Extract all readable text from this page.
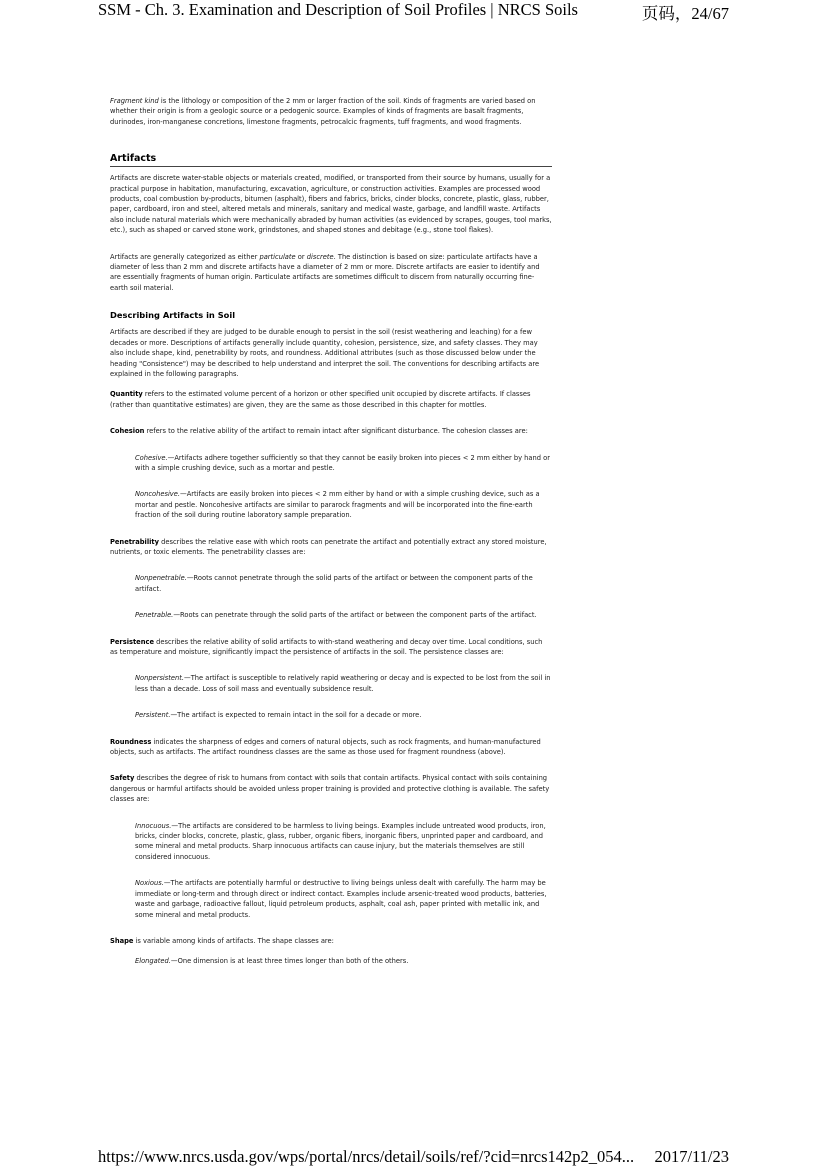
SSM - Ch. 3. Examination and Description of Soil Profiles | NRCS Soils	页码，24/67

Fragment kind is the lithology or composition of the 2 mm or larger fraction of the soil. Kinds of fragments are varied based on whether their origin is from a geologic source or a pedogenic source. Examples of kinds of fragments are basalt fragments, durinodes, iron-manganese concretions, limestone fragments, petrocalcic fragments, tuff fragments, and wood fragments.

Artifacts

Artifacts are discrete water-stable objects or materials created, modified, or transported from their source by humans, usually for a practical purpose in habitation, manufacturing, excavation, agriculture, or construction activities. Examples are processed wood products, coal combustion by-products, bitumen (asphalt), fibers and fabrics, bricks, cinder blocks, concrete, plastic, glass, rubber, paper, cardboard, iron and steel, altered metals and minerals, sanitary and medical waste, garbage, and landfill waste. Artifacts also include natural materials which were mechanically abraded by human activities (as evidenced by scrapes, gouges, tool marks, etc.), such as shaped or carved stone work, grindstones, and shaped stones and debitage (e.g., stone tool flakes).

Artifacts are generally categorized as either particulate or discrete. The distinction is based on size: particulate artifacts have a diameter of less than 2 mm and discrete artifacts have a diameter of 2 mm or more. Discrete artifacts are easier to identify and are essentially fragments of human origin. Particulate artifacts are sometimes difficult to discern from naturally occurring fine-earth soil material.

Describing Artifacts in Soil

Artifacts are described if they are judged to be durable enough to persist in the soil (resist weathering and leaching) for a few decades or more. Descriptions of artifacts generally include quantity, cohesion, persistence, size, and safety classes. They may also include shape, kind, penetrability by roots, and roundness. Additional attributes (such as those discussed below under the heading "Consistence") may be described to help understand and interpret the soil. The conventions for describing artifacts are explained in the following paragraphs.

Quantity refers to the estimated volume percent of a horizon or other specified unit occupied by discrete artifacts. If classes (rather than quantitative estimates) are given, they are the same as those described in this chapter for mottles.

Cohesion refers to the relative ability of the artifact to remain intact after significant disturbance. The cohesion classes are:

Cohesive.—Artifacts adhere together sufficiently so that they cannot be easily broken into pieces < 2 mm either by hand or with a simple crushing device, such as a mortar and pestle.

Noncohesive.—Artifacts are easily broken into pieces < 2 mm either by hand or with a simple crushing device, such as a mortar and pestle. Noncohesive artifacts are similar to pararock fragments and will be incorporated into the fine-earth fraction of the soil during routine laboratory sample preparation.

Penetrability describes the relative ease with which roots can penetrate the artifact and potentially extract any stored moisture, nutrients, or toxic elements. The penetrability classes are:

Nonpenetrable.—Roots cannot penetrate through the solid parts of the artifact or between the component parts of the artifact.

Penetrable.—Roots can penetrate through the solid parts of the artifact or between the component parts of the artifact.

Persistence describes the relative ability of solid artifacts to with-stand weathering and decay over time. Local conditions, such as temperature and moisture, significantly impact the persistence of artifacts in the soil. The persistence classes are:

Nonpersistent.—The artifact is susceptible to relatively rapid weathering or decay and is expected to be lost from the soil in less than a decade. Loss of soil mass and eventually subsidence result.

Persistent.—The artifact is expected to remain intact in the soil for a decade or more.

Roundness indicates the sharpness of edges and corners of natural objects, such as rock fragments, and human-manufactured objects, such as artifacts. The artifact roundness classes are the same as those used for fragment roundness (above).

Safety describes the degree of risk to humans from contact with soils that contain artifacts. Physical contact with soils containing dangerous or harmful artifacts should be avoided unless proper training is provided and protective clothing is available. The safety classes are:

Innocuous.—The artifacts are considered to be harmless to living beings. Examples include untreated wood products, iron, bricks, cinder blocks, concrete, plastic, glass, rubber, organic fibers, inorganic fibers, unprinted paper and cardboard, and some mineral and metal products. Sharp innocuous artifacts can cause injury, but the materials themselves are still considered innocuous.

Noxious.—The artifacts are potentially harmful or destructive to living beings unless dealt with carefully. The harm may be immediate or long-term and through direct or indirect contact. Examples include arsenic-treated wood products, batteries, waste and garbage, radioactive fallout, liquid petroleum products, asphalt, coal ash, paper printed with metallic ink, and some mineral and metal products.

Shape is variable among kinds of artifacts. The shape classes are:

Elongated.—One dimension is at least three times longer than both of the others.

https://www.nrcs.usda.gov/wps/portal/nrcs/detail/soils/ref/?cid=nrcs142p2_054... 2017/11/23
